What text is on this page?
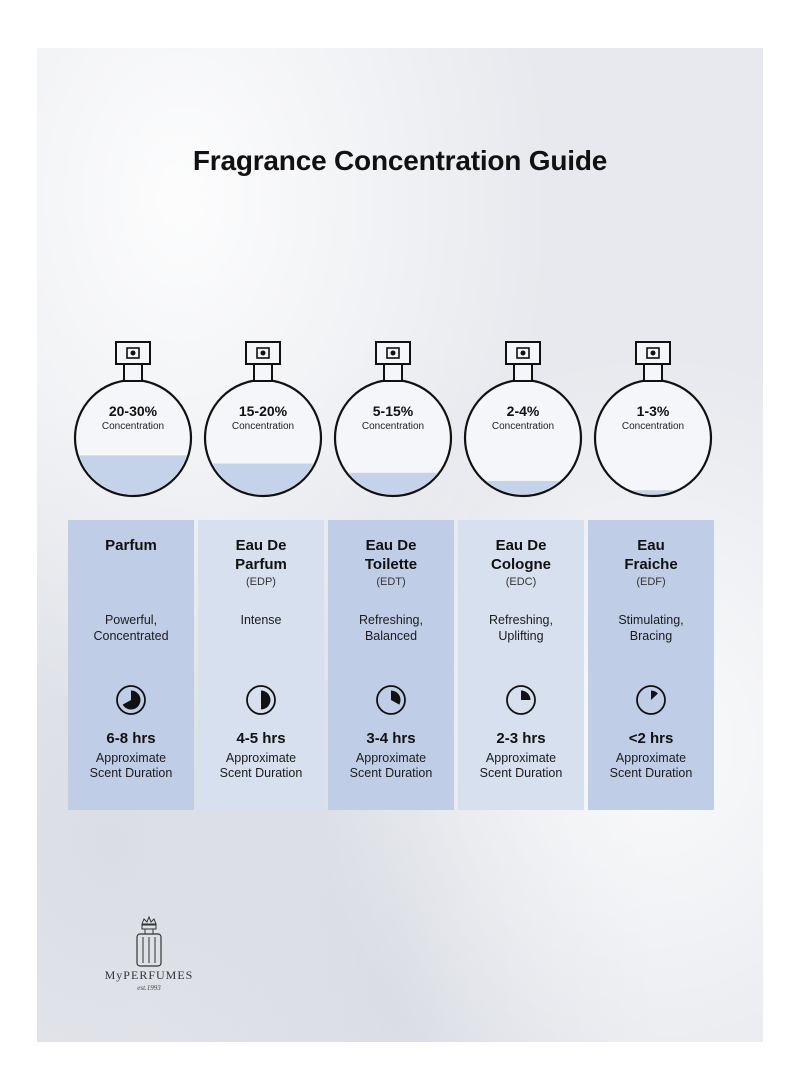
Fragrance Concentration Guide
20-30%
Concentration
15-20%
Concentration
5-15%
Concentration
2-4%
Concentration
1-3%
Concentration
Parfum
Powerful,
Concentrated
6-8 hrs
Approximate
Scent Duration
Eau De
Parfum
(EDP)
Intense
4-5 hrs
Approximate
Scent Duration
Eau De
Toilette
(EDT)
Refreshing,
Balanced
3-4 hrs
Approximate
Scent Duration
Eau De
Cologne
(EDC)
Refreshing,
Uplifting
2-3 hrs
Approximate
Scent Duration
Eau
Fraiche
(EDF)
Stimulating,
Bracing
<2 hrs
Approximate
Scent Duration
MyPERFUMES
est.1993
